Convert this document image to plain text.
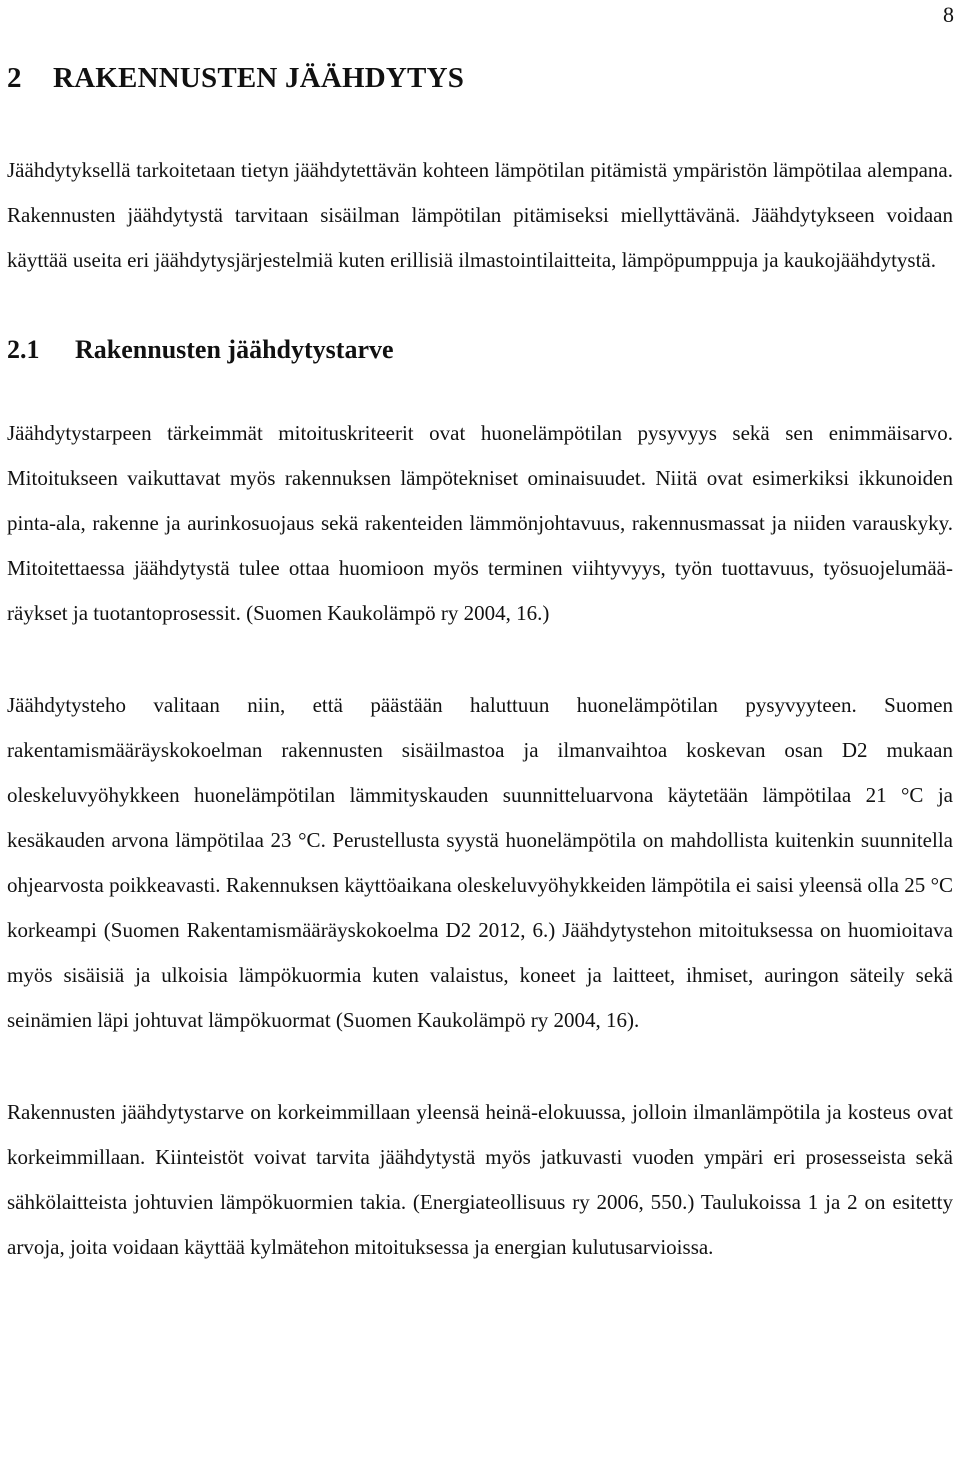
8
2 RAKENNUSTEN JÄÄHDYTYS

Jäähdytyksellä tarkoitetaan tietyn jäähdytettävän kohteen lämpötilan pitämistä ympäristön lämpötilaa alempana. Rakennusten jäähdytystä tarvitaan sisäilman lämpötilan pitämiseksi miellyttävänä. Jäähdytykseen voidaan käyttää useita eri jäähdytysjärjestelmiä kuten erillisiä ilmastointilaitteita, lämpöpumppuja ja kaukojäähdytystä.

2.1 Rakennusten jäähdytystarve

Jäähdytystarpeen tärkeimmät mitoituskriteerit ovat huonelämpötilan pysyvyys sekä sen enimmäisarvo. Mitoitukseen vaikuttavat myös rakennuksen lämpötekniset ominaisuudet. Niitä ovat esimerkiksi ikkunoiden pinta-ala, rakenne ja aurinkosuojaus sekä rakenteiden lämmönjohtavuus, rakennusmassat ja niiden varauskyky. Mitoitettaessa jäähdytystä tulee ottaa huomioon myös terminen viihtyvyys, työn tuottavuus, työsuojelumääräykset ja tuotantoprosessit. (Suomen Kaukolämpö ry 2004, 16.)

Jäähdytysteho valitaan niin, että päästään haluttuun huonelämpötilan pysyvyyteen. Suomen rakentamismääräyskokoelman rakennusten sisäilmastoa ja ilmanvaihtoa koskevan osan D2 mukaan oleskeluvyöhykkeen huonelämpötilan lämmityskauden suunnitteluarvona käytetään lämpötilaa 21 °C ja kesäkauden arvona lämpötilaa 23 °C. Perustellusta syystä huonelämpötila on mahdollista kuitenkin suunnitella ohjearvosta poikkeavasti. Rakennuksen käyttöaikana oleskeluvyöhykkeiden lämpötila ei saisi yleensä olla 25 °C korkeampi (Suomen Rakentamismääräyskokoelma D2 2012, 6.) Jäähdytystehon mitoituksessa on huomioitava myös sisäisiä ja ulkoisia lämpökuormia kuten valaistus, koneet ja laitteet, ihmiset, auringon säteily sekä seinämien läpi johtuvat lämpökuormat (Suomen Kaukolämpö ry 2004, 16).

Rakennusten jäähdytystarve on korkeimmillaan yleensä heinä-elokuussa, jolloin ilmanlämpötila ja kosteus ovat korkeimmillaan. Kiinteistöt voivat tarvita jäähdytystä myös jatkuvasti vuoden ympäri eri prosesseista sekä sähkölaitteista johtuvien lämpökuormien takia. (Energiateollisuus ry 2006, 550.) Taulukoissa 1 ja 2 on esitetty arvoja, joita voidaan käyttää kylmätehon mitoituksessa ja energian kulutusarvioissa.
